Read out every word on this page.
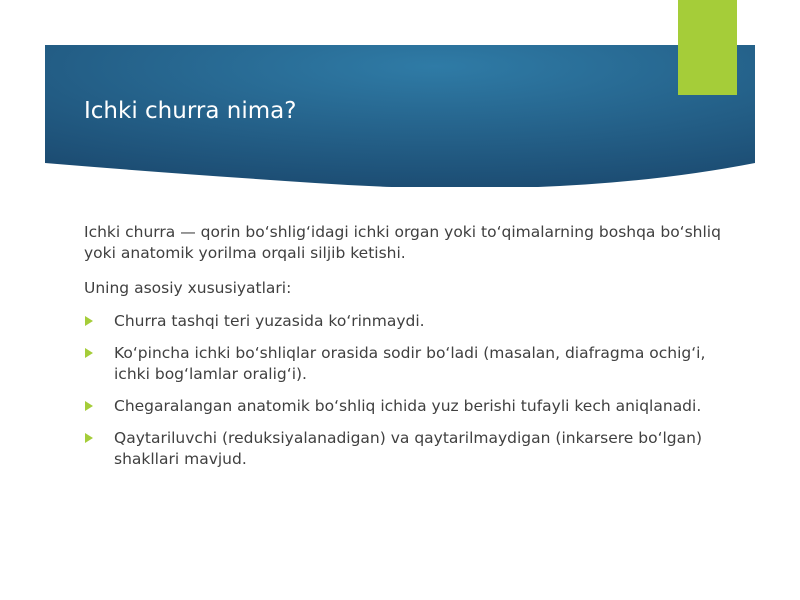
Ichki churra nima?

Ichki churra — qorin bo‘shlig‘idagi ichki organ yoki to‘qimalarning boshqa bo‘shliq yoki anatomik yorilma orqali siljib ketishi.

Uning asosiy xususiyatlari:

Churra tashqi teri yuzasida ko‘rinmaydi.
Ko‘pincha ichki bo‘shliqlar orasida sodir bo‘ladi (masalan, diafragma ochig‘i, ichki bog‘lamlar oralig‘i).
Chegaralangan anatomik bo‘shliq ichida yuz berishi tufayli kech aniqlanadi.
Qaytariluvchi (reduksiyalanadigan) va qaytarilmaydigan (inkarsere bo‘lgan) shakllari mavjud.
